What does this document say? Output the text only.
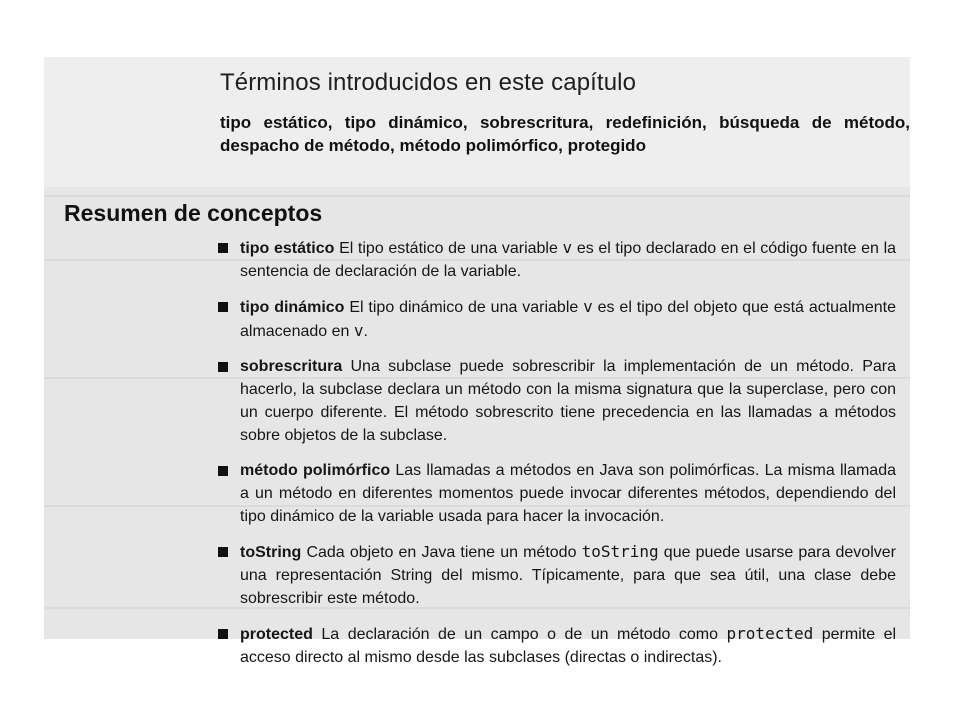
Términos introducidos en este capítulo

tipo estático, tipo dinámico, sobrescritura, redefinición, búsqueda de método, despacho de método, método polimórfico, protegido

Resumen de conceptos
tipo estático El tipo estático de una variable v es el tipo declarado en el código fuente en la sentencia de declaración de la variable.
tipo dinámico El tipo dinámico de una variable v es el tipo del objeto que está actualmente almacenado en v.
sobrescritura Una subclase puede sobrescribir la implementación de un método. Para hacerlo, la subclase declara un método con la misma signatura que la superclase, pero con un cuerpo diferente. El método sobrescrito tiene precedencia en las llamadas a métodos sobre objetos de la subclase.
método polimórfico Las llamadas a métodos en Java son polimórficas. La misma llamada a un método en diferentes momentos puede invocar diferentes métodos, dependiendo del tipo dinámico de la variable usada para hacer la invocación.
toString Cada objeto en Java tiene un método toString que puede usarse para devolver una representación String del mismo. Típicamente, para que sea útil, una clase debe sobrescribir este método.
protected La declaración de un campo o de un método como protected permite el acceso directo al mismo desde las subclases (directas o indirectas).
